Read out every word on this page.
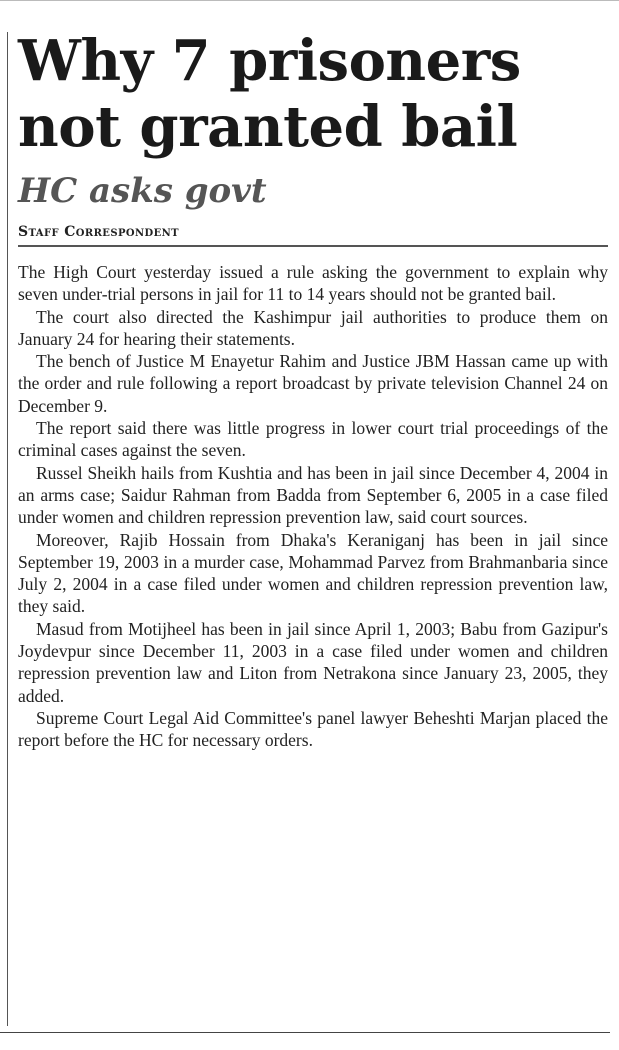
Why 7 prisoners not granted bail
HC asks govt
Staff Correspondent

The High Court yesterday issued a rule asking the government to explain why seven under-trial persons in jail for 11 to 14 years should not be granted bail.

The court also directed the Kashimpur jail authorities to produce them on January 24 for hearing their statements.

The bench of Justice M Enayetur Rahim and Justice JBM Hassan came up with the order and rule following a report broadcast by private television Channel 24 on December 9.

The report said there was little progress in lower court trial proceedings of the criminal cases against the seven.

Russel Sheikh hails from Kushtia and has been in jail since December 4, 2004 in an arms case; Saidur Rahman from Badda from September 6, 2005 in a case filed under women and children repression prevention law, said court sources.

Moreover, Rajib Hossain from Dhaka's Keraniganj has been in jail since September 19, 2003 in a murder case, Mohammad Parvez from Brahmanbaria since July 2, 2004 in a case filed under women and children repression prevention law, they said.

Masud from Motijheel has been in jail since April 1, 2003; Babu from Gazipur's Joydevpur since December 11, 2003 in a case filed under women and children repression prevention law and Liton from Netrakona since January 23, 2005, they added.

Supreme Court Legal Aid Committee's panel lawyer Beheshti Marjan placed the report before the HC for necessary orders.
